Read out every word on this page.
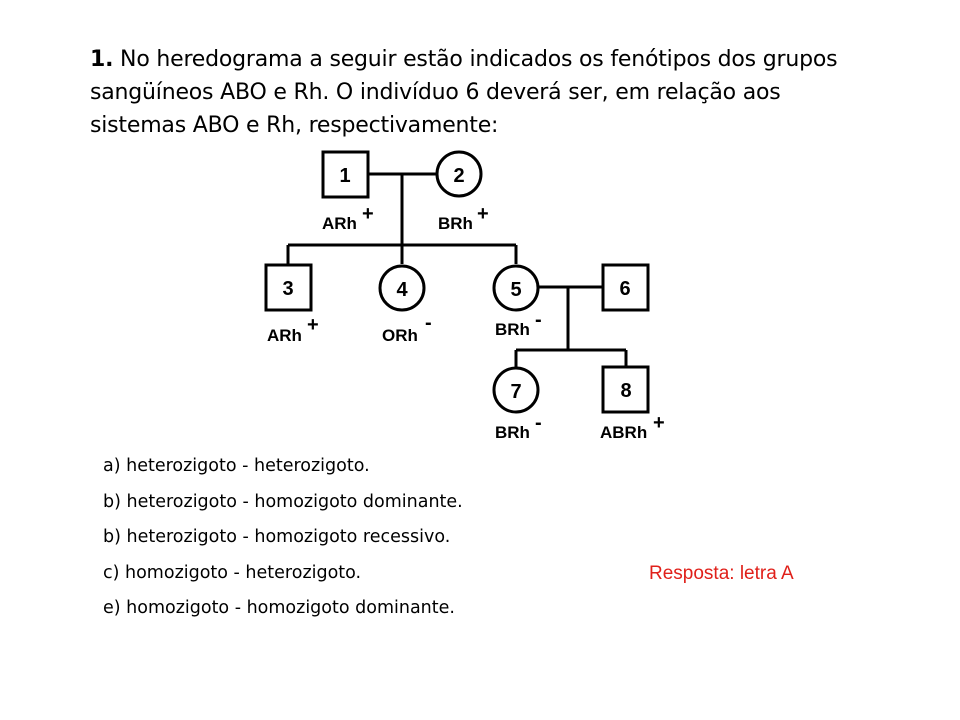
1. No heredograma a seguir estão indicados os fenótipos dos grupos sangüíneos ABO e Rh. O indivíduo 6 deverá ser, em relação aos sistemas ABO e Rh, respectivamente:
1	2
3	4	5	6
7	8
ARh +	BRh +
ARh +	ORh
-	BRh -
BRh -	ABRh +
a) heterozigoto - heterozigoto.
b) heterozigoto - homozigoto dominante.
b) heterozigoto - homozigoto recessivo.
c) homozigoto - heterozigoto.
e) homozigoto - homozigoto dominante.
Resposta: letra A
